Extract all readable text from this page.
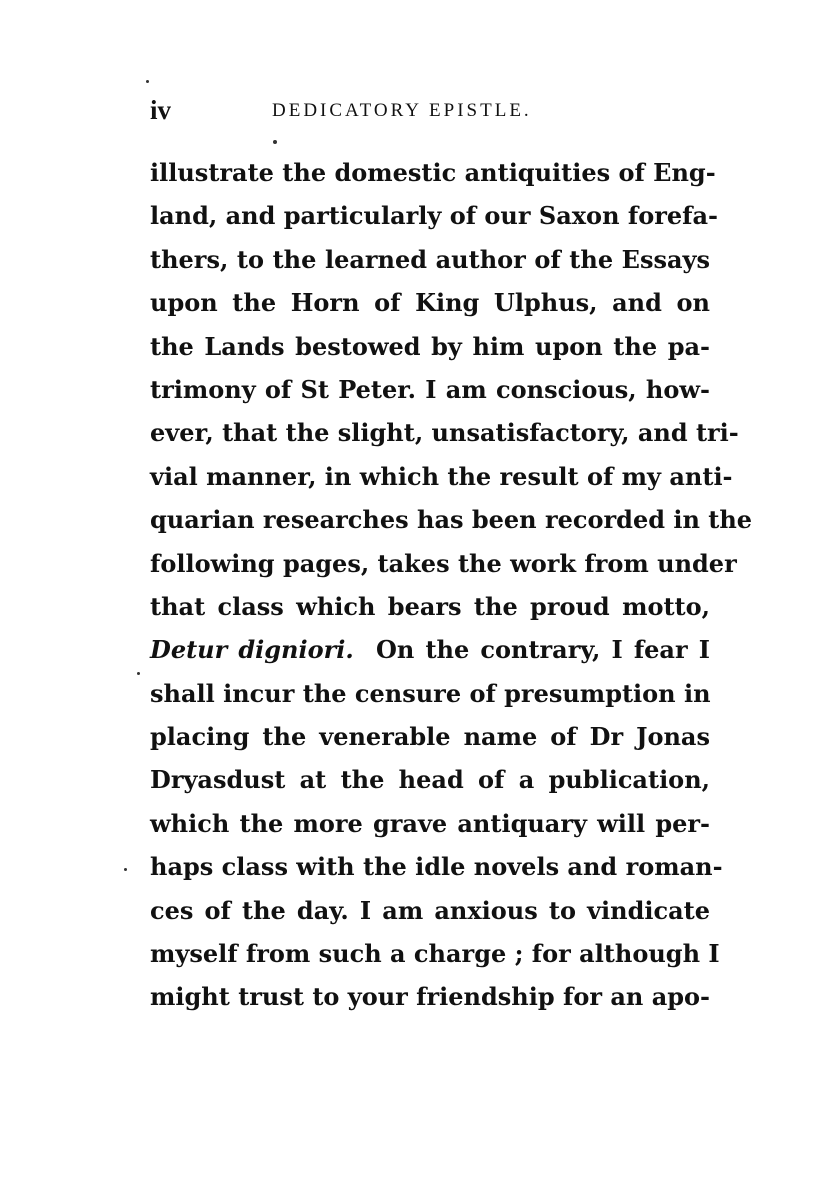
iv	DEDICATORY EPISTLE.
illustrate the domestic antiquities of Eng-
land, and particularly of our Saxon forefa-
thers, to the learned author of the Essays
upon the Horn of King Ulphus, and on
the Lands bestowed by him upon the pa-
trimony of St Peter. I am conscious, how-
ever, that the slight, unsatisfactory, and tri-
vial manner, in which the result of my anti-
quarian researches has been recorded in the
following pages, takes the work from under
that class which bears the proud motto,
Detur digniori. On the contrary, I fear I
shall incur the censure of presumption in
placing the venerable name of Dr Jonas
Dryasdust at the head of a publication,
which the more grave antiquary will per-
haps class with the idle novels and roman-
ces of the day. I am anxious to vindicate
myself from such a charge ; for although I
might trust to your friendship for an apo-
